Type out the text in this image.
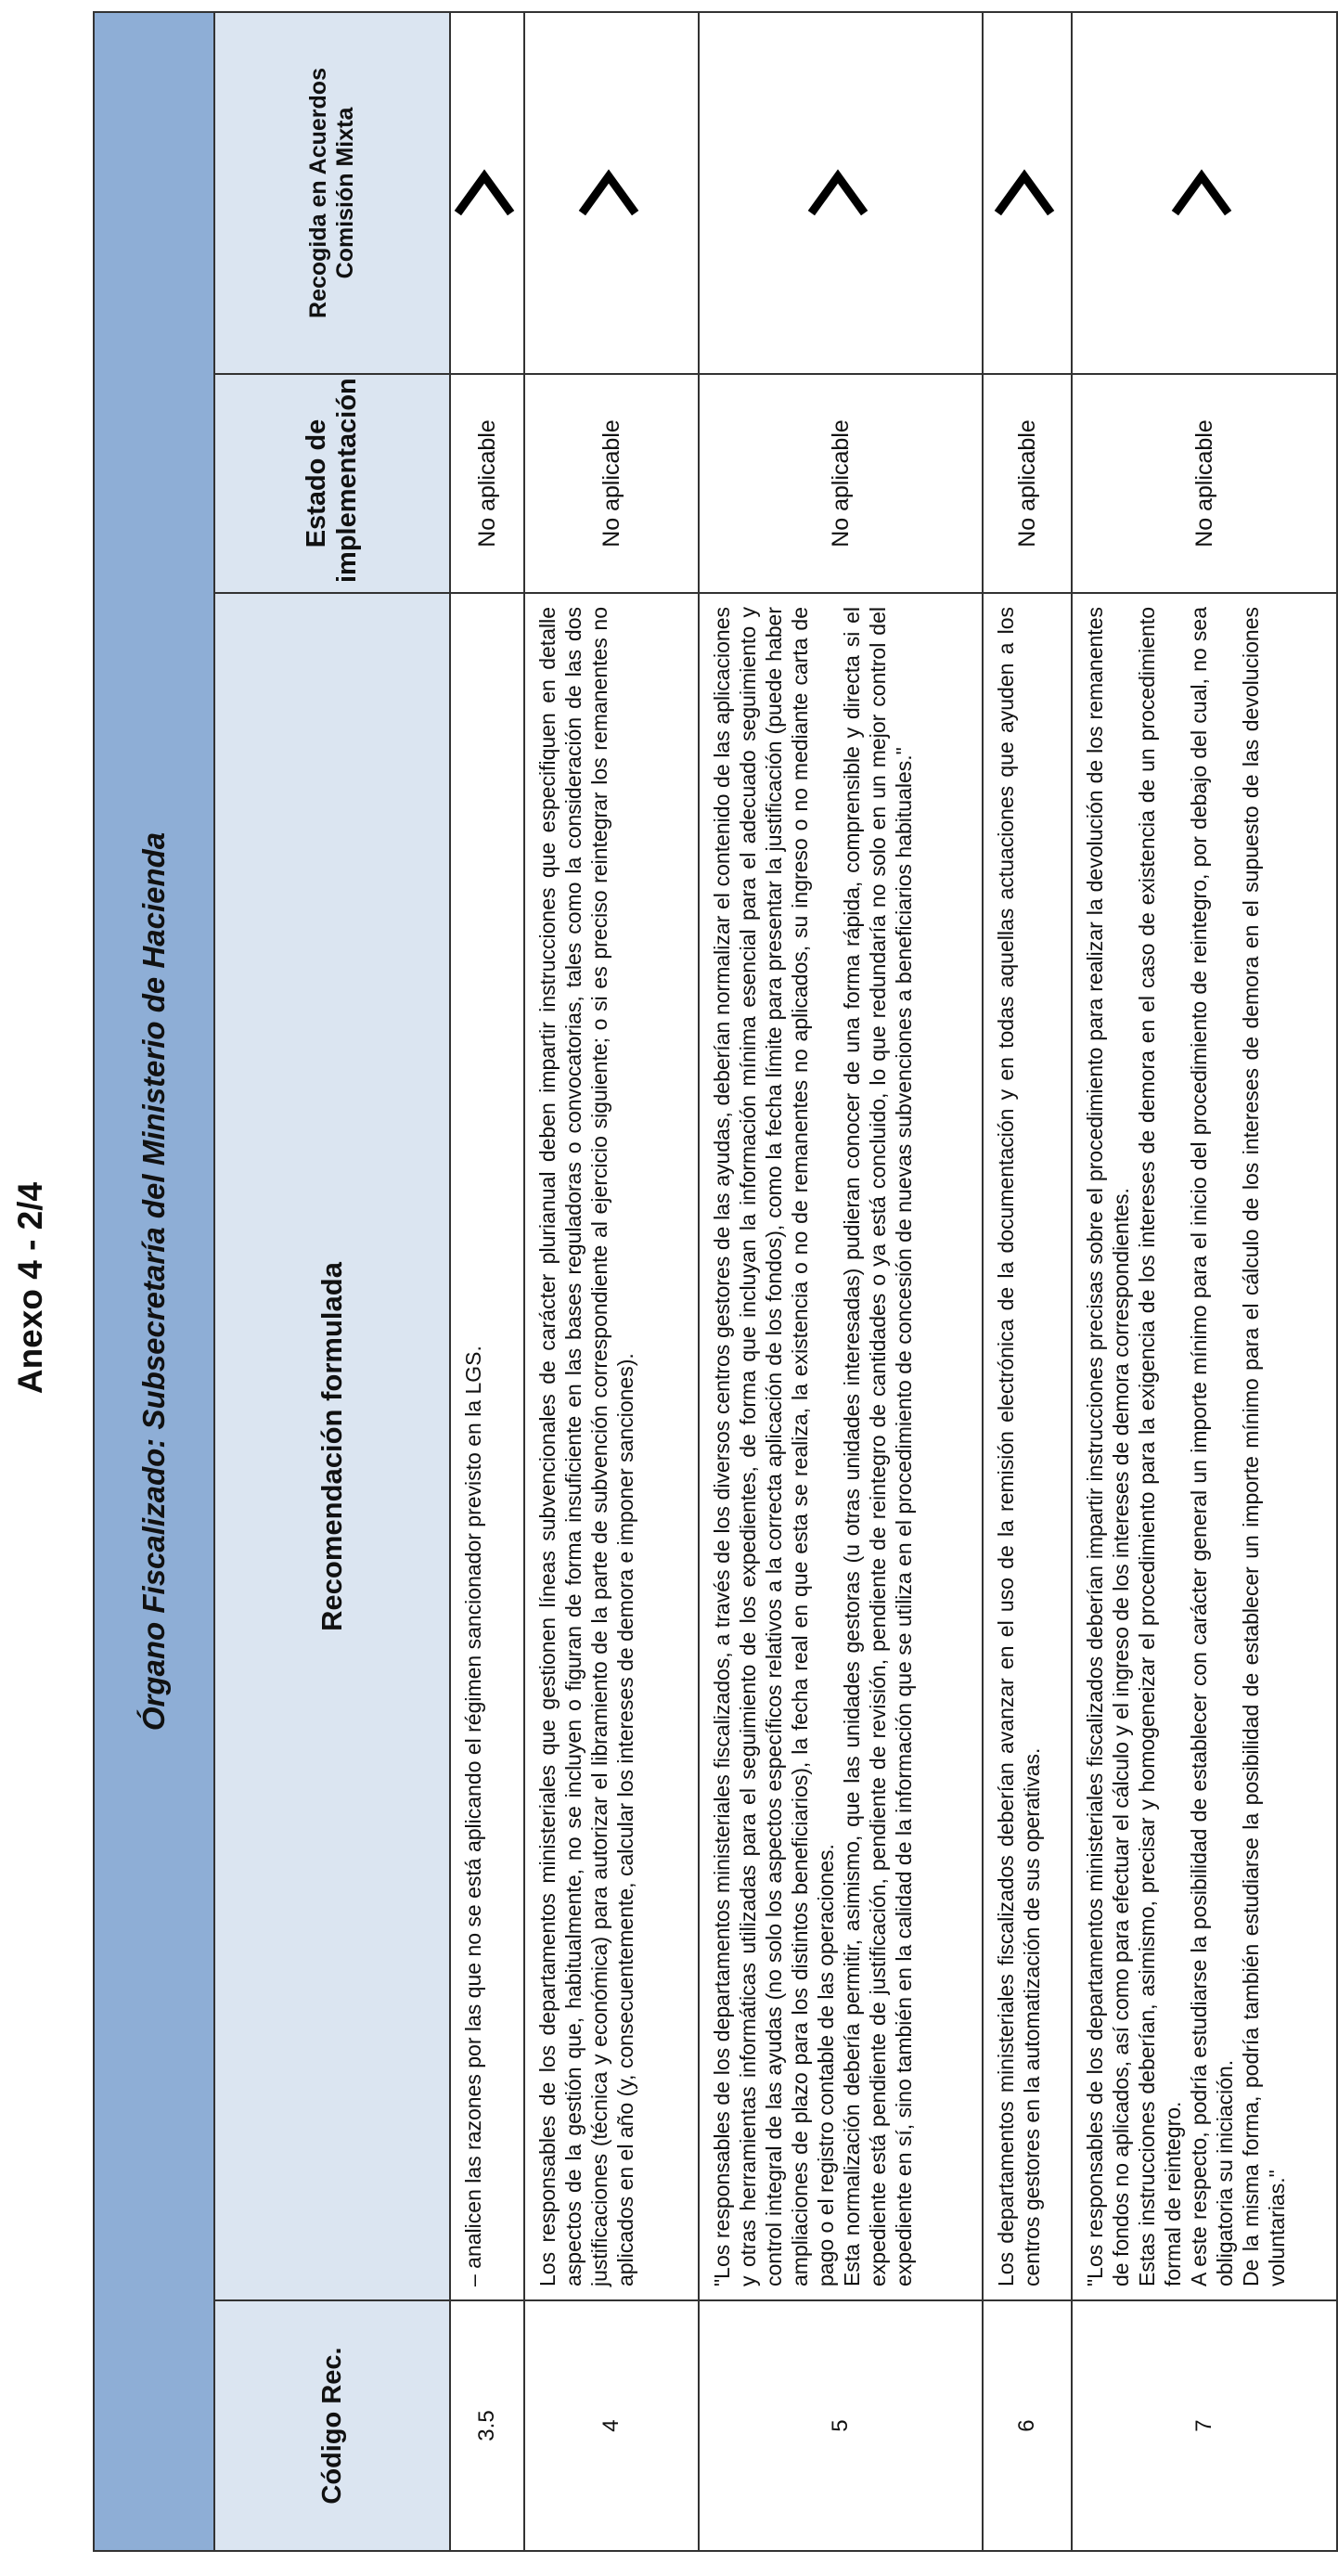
Anexo 4 - 2/4	Órgano Fiscalizado: Subsecretaría del Ministerio de Hacienda			
Código Rec.	Recomendación formulada	Estado de implementación	Recogida en Acuerdos Comisión Mixta
3.5	– analicen las razones por las que no se está aplicando el régimen sancionador previsto en la LGS.	No aplicable	
4	Los responsables de los departamentos ministeriales que gestionen líneas subvencionales de carácter plurianual deben impartir instrucciones que especifiquen en detalle aspectos de la gestión que, habitualmente, no se incluyen o figuran de forma insuficiente en las bases reguladoras o convocatorias, tales como la consideración de las dos justificaciones (técnica y económica) para autorizar el libramiento de la parte de subvención correspondiente al ejercicio siguiente; o si es preciso reintegrar los remanentes no aplicados en el año (y, consecuentemente, calcular los intereses de demora e imponer sanciones).	No aplicable	
5	"Los responsables de los departamentos ministeriales fiscalizados, a través de los diversos centros gestores de las ayudas, deberían normalizar el contenido de las aplicaciones y otras herramientas informáticas utilizadas para el seguimiento de los expedientes, de forma que incluyan la información mínima esencial para el adecuado seguimiento y control integral de las ayudas (no solo los aspectos específicos relativos a la correcta aplicación de los fondos), como la fecha límite para presentar la justificación (puede haber ampliaciones de plazo para los distintos beneficiarios), la fecha real en que esta se realiza, la existencia o no de remanentes no aplicados, su ingreso o no mediante carta de pago o el registro contable de las operaciones. Esta normalización debería permitir, asimismo, que las unidades gestoras (u otras unidades interesadas) pudieran conocer de una forma rápida, comprensible y directa si el expediente está pendiente de justificación, pendiente de revisión, pendiente de reintegro de cantidades o ya está concluido, lo que redundaría no solo en un mejor control del expediente en sí, sino también en la calidad de la información que se utiliza en el procedimiento de concesión de nuevas subvenciones a beneficiarios habituales."	No aplicable	
6	Los departamentos ministeriales fiscalizados deberían avanzar en el uso de la remisión electrónica de la documentación y en todas aquellas actuaciones que ayuden a los centros gestores en la automatización de sus operativas.	No aplicable	
7	"Los responsables de los departamentos ministeriales fiscalizados deberían impartir instrucciones precisas sobre el procedimiento para realizar la devolución de los remanentes de fondos no aplicados, así como para efectuar el cálculo y el ingreso de los intereses de demora correspondientes. Estas instrucciones deberían, asimismo, precisar y homogeneizar el procedimiento para la exigencia de los intereses de demora en el caso de existencia de un procedimiento formal de reintegro. A este respecto, podría estudiarse la posibilidad de establecer con carácter general un importe mínimo para el inicio del procedimiento de reintegro, por debajo del cual, no sea obligatoria su iniciación. De la misma forma, podría también estudiarse la posibilidad de establecer un importe mínimo para el cálculo de los intereses de demora en el supuesto de las devoluciones voluntarias."	No aplicable	
